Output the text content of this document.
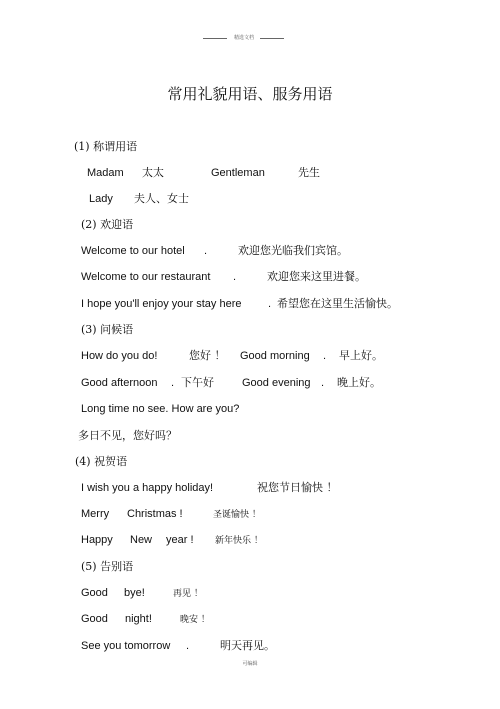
精选文档
常用礼貌用语、服务用语
(1) 称谓用语
Madam 太太	Gentleman	先生
Lady 夫人、女士
(2) 欢迎语
Welcome to our hotel .	欢迎您光临我们宾馆。
Welcome to our restaurant .	欢迎您来这里进餐。
I hope you'll enjoy your stay here . 希望您在这里生活愉快。
(3) 问候语
How do you do!	您好 ！ Good morning . 早上好。
Good afternoon . 下午好	Good evening . 晚上好。
Long time no see. How are you?
多日不见，您好吗？
(4) 祝贺语
I wish you a happy holiday!	祝您节日愉快 ！
Merry Christmas !	圣诞愉快 ！
Happy New year ! 新年快乐 ！
(5) 告别语
Good bye!	再见 ！
Good night!	晚安 ！
See you tomorrow .	明天再见。
可编辑
